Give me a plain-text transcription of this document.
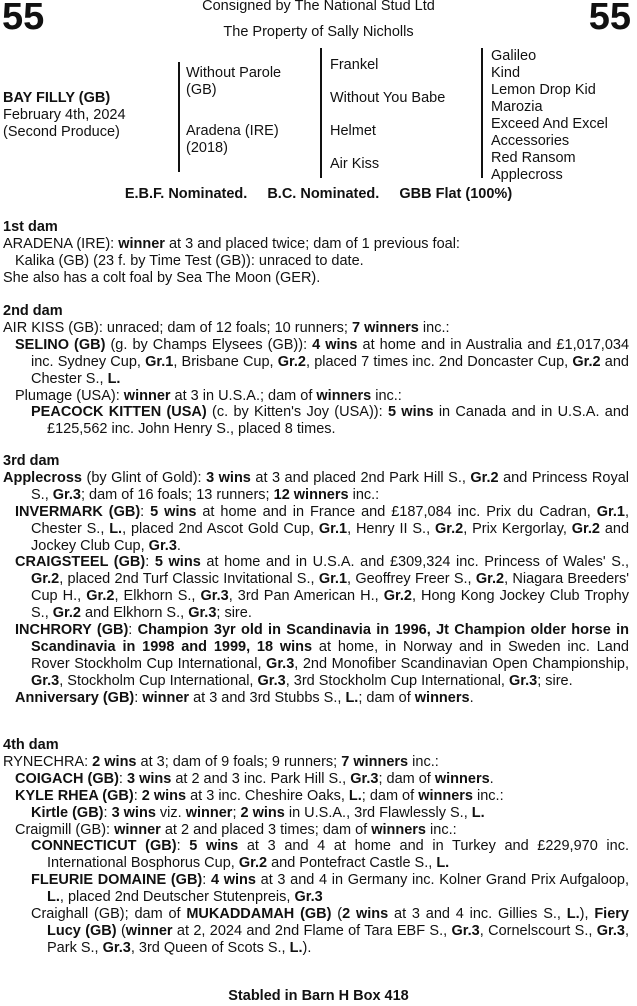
55	55
Consigned by The National Stud Ltd
The Property of Sally Nicholls
BAY FILLY (GB)
February 4th, 2024
(Second Produce)
Without Parole
(GB)
Aradena (IRE)
(2018)
Frankel
Without You Babe
Helmet
Air Kiss
Galileo
Kind
Lemon Drop Kid
Marozia
Exceed And Excel
Accessories
Red Ransom
Applecross
E.B.F. Nominated. B.C. Nominated. GBB Flat (100%)

1st dam

ARADENA (IRE): winner at 3 and placed twice; dam of 1 previous foal:

Kalika (GB) (23 f. by Time Test (GB)): unraced to date.

She also has a colt foal by Sea The Moon (GER).

2nd dam

AIR KISS (GB): unraced; dam of 12 foals; 10 runners; 7 winners inc.:

SELINO (GB) (g. by Champs Elysees (GB)): 4 wins at home and in Australia and £1,017,034 inc. Sydney Cup, Gr.1, Brisbane Cup, Gr.2, placed 7 times inc. 2nd Doncaster Cup, Gr.2 and Chester S., L.

Plumage (USA): winner at 3 in U.S.A.; dam of winners inc.:

PEACOCK KITTEN (USA) (c. by Kitten's Joy (USA)): 5 wins in Canada and in U.S.A. and £125,562 inc. John Henry S., placed 8 times.

3rd dam

Applecross (by Glint of Gold): 3 wins at 3 and placed 2nd Park Hill S., Gr.2 and Princess Royal S., Gr.3; dam of 16 foals; 13 runners; 12 winners inc.:

INVERMARK (GB): 5 wins at home and in France and £187,084 inc. Prix du Cadran, Gr.1, Chester S., L., placed 2nd Ascot Gold Cup, Gr.1, Henry II S., Gr.2, Prix Kergorlay, Gr.2 and Jockey Club Cup, Gr.3.

CRAIGSTEEL (GB): 5 wins at home and in U.S.A. and £309,324 inc. Princess of Wales' S., Gr.2, placed 2nd Turf Classic Invitational S., Gr.1, Geoffrey Freer S., Gr.2, Niagara Breeders' Cup H., Gr.2, Elkhorn S., Gr.3, 3rd Pan American H., Gr.2, Hong Kong Jockey Club Trophy S., Gr.2 and Elkhorn S., Gr.3; sire.

INCHRORY (GB): Champion 3yr old in Scandinavia in 1996, Jt Champion older horse in Scandinavia in 1998 and 1999, 18 wins at home, in Norway and in Sweden inc. Land Rover Stockholm Cup International, Gr.3, 2nd Monofiber Scandinavian Open Championship, Gr.3, Stockholm Cup International, Gr.3, 3rd Stockholm Cup International, Gr.3; sire.

Anniversary (GB): winner at 3 and 3rd Stubbs S., L.; dam of winners.

4th dam

RYNECHRA: 2 wins at 3; dam of 9 foals; 9 runners; 7 winners inc.:

COIGACH (GB): 3 wins at 2 and 3 inc. Park Hill S., Gr.3; dam of winners.

KYLE RHEA (GB): 2 wins at 3 inc. Cheshire Oaks, L.; dam of winners inc.:

Kirtle (GB): 3 wins viz. winner; 2 wins in U.S.A., 3rd Flawlessly S., L.

Craigmill (GB): winner at 2 and placed 3 times; dam of winners inc.:

CONNECTICUT (GB): 5 wins at 3 and 4 at home and in Turkey and £229,970 inc. International Bosphorus Cup, Gr.2 and Pontefract Castle S., L.

FLEURIE DOMAINE (GB): 4 wins at 3 and 4 in Germany inc. Kolner Grand Prix Aufgaloop, L., placed 2nd Deutscher Stutenpreis, Gr.3

Craighall (GB); dam of MUKADDAMAH (GB) (2 wins at 3 and 4 inc. Gillies S., L.), Fiery Lucy (GB) (winner at 2, 2024 and 2nd Flame of Tara EBF S., Gr.3, Cornelscourt S., Gr.3, Park S., Gr.3, 3rd Queen of Scots S., L.).

Stabled in Barn H Box 418
